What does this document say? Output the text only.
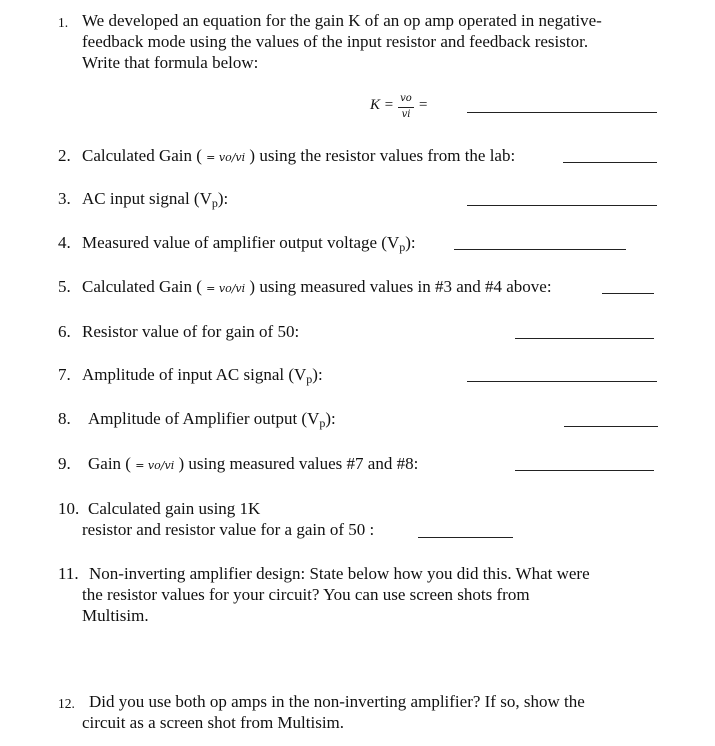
1. We developed an equation for the gain K of an op amp operated in negative-
feedback mode using the values of the input resistor and feedback resistor.
Write that formula below:
K = vo
vi
=
2. Calculated Gain ( = vo/vi ) using the resistor values from the lab:
3. AC input signal $(V_p)$:
4. Measured value of amplifier output voltage $(V_p)$:
5. Calculated Gain ( = vo/vi ) using measured values in #3 and #4 above:
6. Resistor value of for gain of 50:
7. Amplitude of input AC signal $(V_p)$:
8. Amplitude of Amplifier output $(V_p)$:
9. Gain ( = vo/vi ) using measured values #7 and #8:
10. Calculated gain using 1K
resistor and resistor value for a gain of 50 :
11. Non-inverting amplifier design: State below how you did this. What were
the resistor values for your circuit? You can use screen shots from
Multisim.
12. Did you use both op amps in the non-inverting amplifier? If so, show the
circuit as a screen shot from Multisim.
